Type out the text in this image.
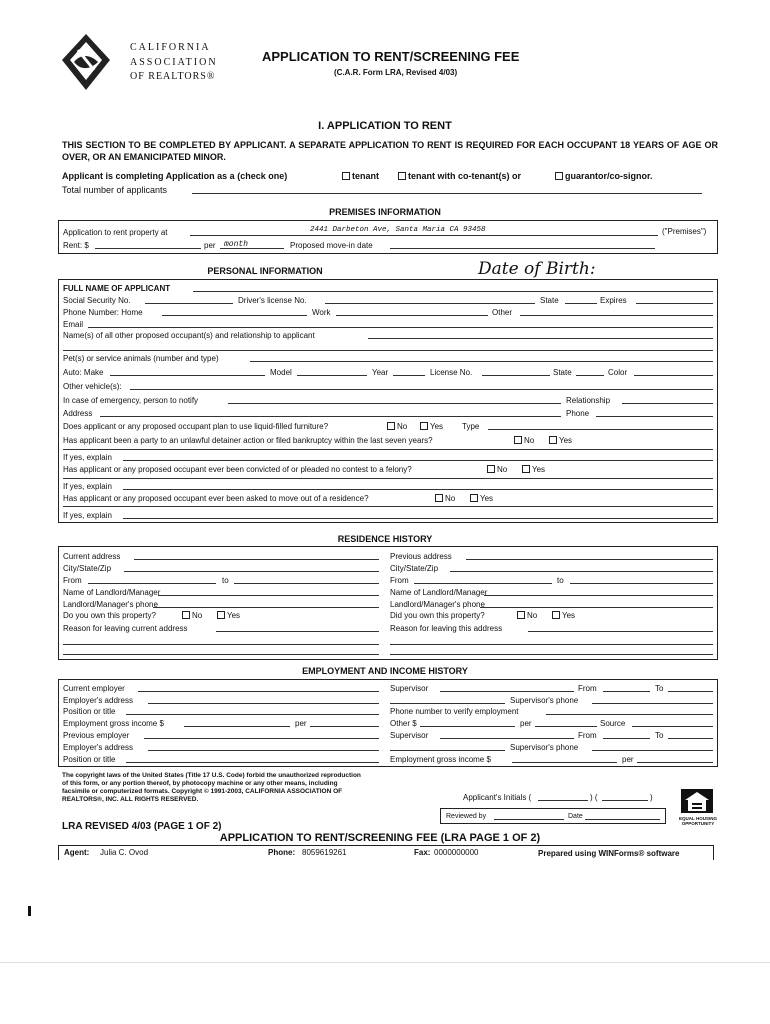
CALIFORNIA
ASSOCIATION
OF REALTORS®
APPLICATION TO RENT/SCREENING FEE
(C.A.R. Form LRA, Revised 4/03)
I. APPLICATION TO RENT
THIS SECTION TO BE COMPLETED BY APPLICANT. A SEPARATE APPLICATION TO RENT IS REQUIRED FOR EACH OCCUPANT 18 YEARS OF AGE OR OVER, OR AN EMANICIPATED MINOR.
Applicant is completing Application as a (check one)	tenant	tenant with co-tenant(s) or	guarantor/co-signor.
Total number of applicants
PREMISES INFORMATION
Application to rent property at	2441 Darbeton Ave, Santa Maria CA 93458	("Premises")
Rent: $	per month	Proposed move-in date
PERSONAL INFORMATION	Date of Birth:
FULL NAME OF APPLICANT
Social Security No.	Driver's license No.	State	Expires
Phone Number: Home	Work	Other
Email
Name(s) of all other proposed occupant(s) and relationship to applicant
Pet(s) or service animals (number and type)
Auto: Make	Model	Year	License No.	State	Color
Other vehicle(s):
In case of emergency, person to notify	Relationship
Address	Phone
Does applicant or any proposed occupant plan to use liquid-filled furniture?	No	Yes Type
Has applicant been a party to an unlawful detainer action or filed bankruptcy within the last seven years?	No	Yes
If yes, explain
Has applicant or any proposed occupant ever been convicted of or pleaded no contest to a felony?	No	Yes
If yes, explain
Has applicant or any proposed occupant ever been asked to move out of a residence?	No	Yes
If yes, explain
RESIDENCE HISTORY
Current address	Previous address
City/State/Zip	City/State/Zip
From	to	From	to
Name of Landlord/Manager	Name of Landlord/Manager
Landlord/Manager's phone	Landlord/Manager's phone
Do you own this property?	No	Yes	Did you own this property?	No	Yes
Reason for leaving current address	Reason for leaving this address
EMPLOYMENT AND INCOME HISTORY
Current employer	Supervisor	From	To
Employer's address	Supervisor's phone
Position or title	Phone number to verify employment
Employment gross income $	per	Other $	per	Source
Previous employer	Supervisor	From	To
Employer's address	Supervisor's phone
Position or title	Employment gross income $	per
The copyright laws of the United States (Title 17 U.S. Code) forbid the unauthorized reproduction of this form, or any portion thereof, by photocopy machine or any other means, including facsimile or computerized formats. Copyright © 1991-2003, CALIFORNIA ASSOCIATION OF REALTORS®, INC. ALL RIGHTS RESERVED.
LRA REVISED 4/03 (PAGE 1 OF 2)
Applicant's Initials (	) (	)
Reviewed by	Date	EQUAL HOUSING OPPORTUNITY
APPLICATION TO RENT/SCREENING FEE (LRA PAGE 1 OF 2)
Agent: Julia C. Ovod	Phone: 8059619261	Fax: 0000000000	Prepared using WINForms® software
